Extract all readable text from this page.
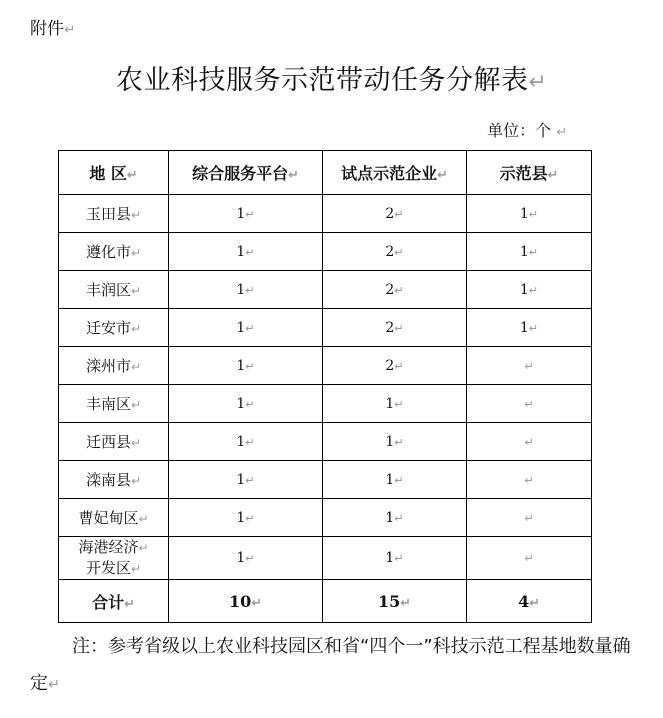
附件↵
农业科技服务示范带动任务分解表↵
单位：个 ↵
地 区↵	综合服务平台↵	试点示范企业↵	示范县↵
玉田县↵	1↵	2↵	1↵
遵化市↵	1↵	2↵	1↵
丰润区↵	1↵	2↵	1↵
迁安市↵	1↵	2↵	1↵
滦州市↵	1↵	2↵	↵
丰南区↵	1↵	1↵	↵
迁西县↵	1↵	1↵	↵
滦南县↵	1↵	1↵	↵
曹妃甸区↵	1↵	1↵	↵

海港经济↵
开发区↵	1↵	1↵	↵
合计↵	10↵	15↵	4↵

注：参考省级以上农业科技园区和省“四个一”科技示范工程基地数量确定↵
